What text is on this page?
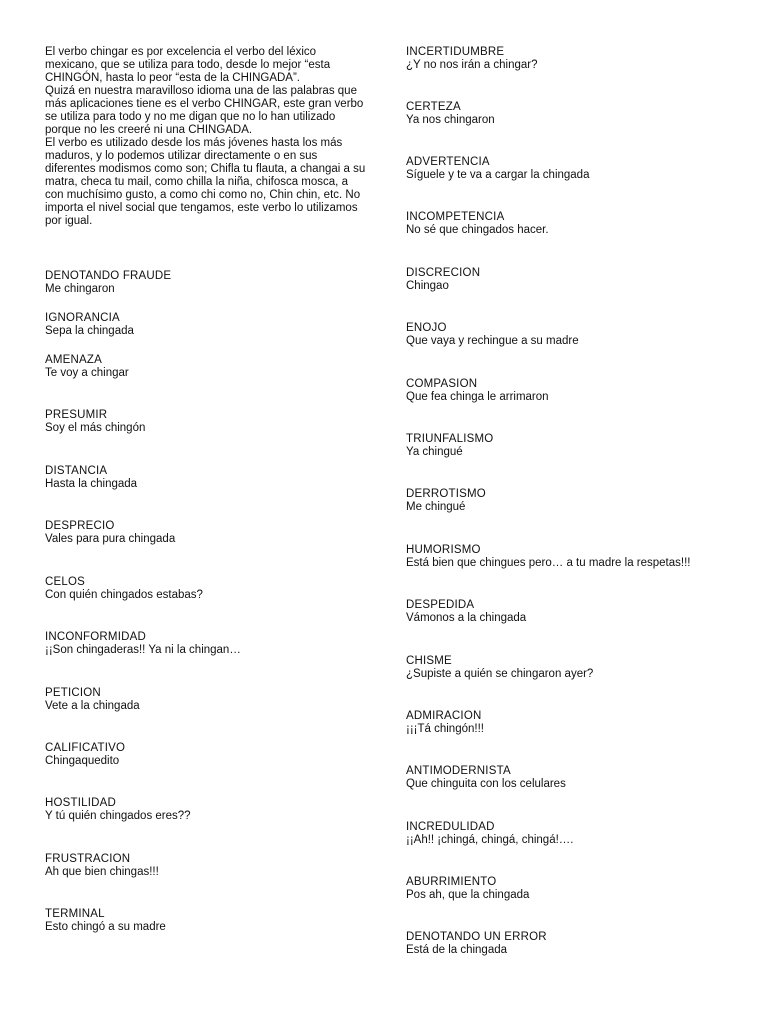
El verbo chingar es por excelencia el verbo del léxico mexicano, que se utiliza para todo, desde lo mejor “esta CHINGÓN, hasta lo peor “esta de la CHINGADA”.

Quizá en nuestra maravilloso idioma una de las palabras que más aplicaciones tiene es el verbo CHINGAR, este gran verbo se utiliza para todo y no me digan que no lo han utilizado porque no les creeré ni una CHINGADA.

El verbo es utilizado desde los más jóvenes hasta los más maduros, y lo podemos utilizar directamente o en sus diferentes modismos como son; Chifla tu flauta, a changai a su matra, checa tu mail, como chilla la niña, chifosca mosca, a con muchísimo gusto, a como chi como no, Chin chin, etc. No importa el nivel social que tengamos, este verbo lo utilizamos por igual.

DENOTANDO FRAUDE
Me chingaron
IGNORANCIA
Sepa la chingada
AMENAZA
Te voy a chingar
PRESUMIR
Soy el más chingón
DISTANCIA
Hasta la chingada
DESPRECIO
Vales para pura chingada
CELOS
Con quién chingados estabas?
INCONFORMIDAD
¡¡Son chingaderas!! Ya ni la chingan…
PETICION
Vete a la chingada
CALIFICATIVO
Chingaquedito
HOSTILIDAD
Y tú quién chingados eres??
FRUSTRACION
Ah que bien chingas!!!
TERMINAL
Esto chingó a su madre
INCERTIDUMBRE
¿Y no nos irán a chingar?
CERTEZA
Ya nos chingaron
ADVERTENCIA
Síguele y te va a cargar la chingada
INCOMPETENCIA
No sé que chingados hacer.
DISCRECION
Chingao
ENOJO
Que vaya y rechingue a su madre
COMPASION
Que fea chinga le arrimaron
TRIUNFALISMO
Ya chingué
DERROTISMO
Me chingué
HUMORISMO
Está bien que chingues pero… a tu madre la respetas!!!
DESPEDIDA
Vámonos a la chingada
CHISME
¿Supiste a quién se chingaron ayer?
ADMIRACION
¡¡¡Tá chingón!!!
ANTIMODERNISTA
Que chinguita con los celulares
INCREDULIDAD
¡¡Ah!! ¡chingá, chingá, chingá!….
ABURRIMIENTO
Pos ah, que la chingada
DENOTANDO UN ERROR
Está de la chingada
